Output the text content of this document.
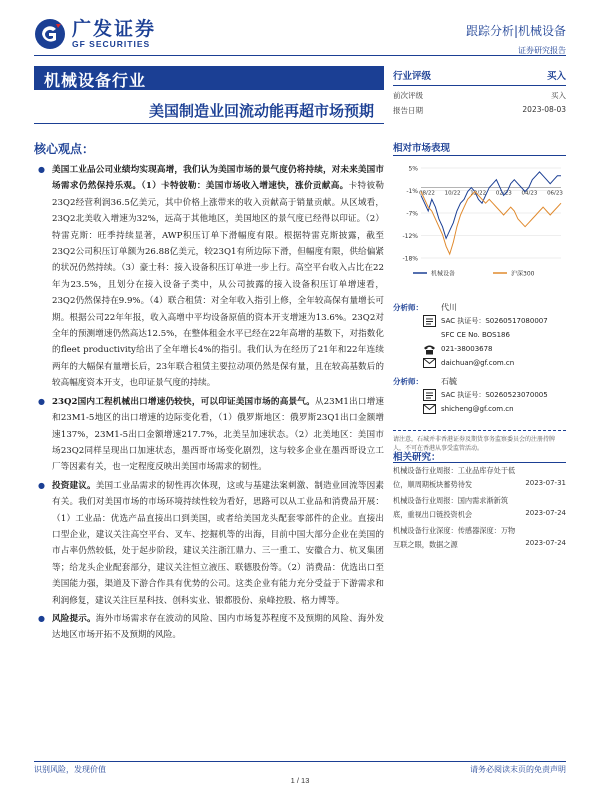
广发证券
GF SECURITIES
跟踪分析|机械设备
证券研究报告
机械设备行业
美国制造业回流动能再超市场预期
行业评级	买入
前次评级	买入
报告日期	2023-08-03
核心观点：
● 美国工业品公司业绩均实现高增，我们认为美国市场的景气度仍将持续，对未来美国市场需求仍然保持乐观。（1）卡特彼勒：美国市场收入增速快，涨价贡献高。卡特彼勒23Q2经营利润36.5亿美元，其中价格上涨带来的收入贡献高于销量贡献。从区域看，23Q2北美收入增速为32%，远高于其他地区，美国地区的景气度已经得以印证。（2）特雷克斯：旺季持续显著，AWP积压订单下滑幅度有限。根据特雷克斯披露，截至23Q2公司积压订单额为26.88亿美元，较23Q1有所边际下滑，但幅度有限，供给偏紧的状况仍然持续。（3）豪士科：接入设备积压订单进一步上行。高空平台收入占比在22年为23.5%，且划分在接入设备子类中，从公司披露的接入设备积压订单增速看，23Q2仍然保持在9.9%。（4）联合租赁：对全年收入指引上修，全年较高保有量增长可期。根据公司22年年报，收入高增中平均设备原值的资本开支增速为13.6%。23Q2对全年的预测增速仍然高达12.5%，在整体租金水平已经在22年高增的基数下，对指数化的fleet productivity给出了全年增长4%的指引。我们认为在经历了21年和22年连续两年的大幅保有量增长后，23年联合租赁主要拉动项仍然是保有量，且在较高基数后的较高幅度资本开支，也印证景气度的持续。
● 23Q2国内工程机械出口增速仍较快，可以印证美国市场的高景气。从23M1出口增速和23M1-5地区的出口增速的边际变化看，（1）俄罗斯地区：俄罗斯23Q1出口金额增速137%，23M1-5出口金额增速217.7%，北美呈加速状态。（2）北美地区：美国市场23Q2同样呈现出口加速状态，墨西哥市场变化剧烈，这与较多企业在墨西哥设立工厂等因素有关，也一定程度反映出美国市场需求的韧性。
● 投资建议。美国工业品需求的韧性再次体现，这或与基建法案刺激、制造业回流等因素有关。我们对美国市场的市场环境持续性较为看好，思路可以从工业品和消费品开展：（1）工业品：优选产品直接出口到美国，或者给美国龙头配套零部件的企业。直接出口型企业，建议关注高空平台、叉车、挖掘机等的出海，目前中国大部分企业在美国的市占率仍然较低，处于起步阶段，建议关注浙江鼎力、三一重工、安徽合力、杭叉集团等；给龙头企业配套部分，建议关注恒立液压、联德股份等。（2）消费品：优选出口至美国能力强，渠道及下游合作具有优势的公司。这类企业有能力充分受益于下游需求和利润修复，建议关注巨星科技、创科实业、银都股份、泉峰控股、格力博等。
● 风险提示。海外市场需求存在波动的风险、国内市场复苏程度不及预期的风险、海外发达地区市场开拓不及预期的风险。
相对市场表现
5%
-1%
-7%
-12%
-18%
08/22 10/22 12/22 02/23 04/23 06/23
机械设备	沪深300
分析师： 代川
SAC 执证号：S0260517080007
SFC CE No. BOS186
021-38003678
daichuan@gf.com.cn
分析师： 石毓
SAC 执证号：S0260523070005
shicheng@gf.com.cn
请注意，石城并非香港证券及期货事务监察委员会的注册持牌人，不可在香港从事受监管活动。
相关研究：
机械设备行业周报：工业品库存处于低位，顺周期板块蓄势待发	2023-07-31
机械设备行业周报：国内需求渐新筑底，重视出口链投资机会	2023-07-24
机械设备行业深度：传感器深度：万物互联之眼，数据之源	2023-07-24
识别风险，发现价值	请务必阅读末页的免责声明
1 / 13
